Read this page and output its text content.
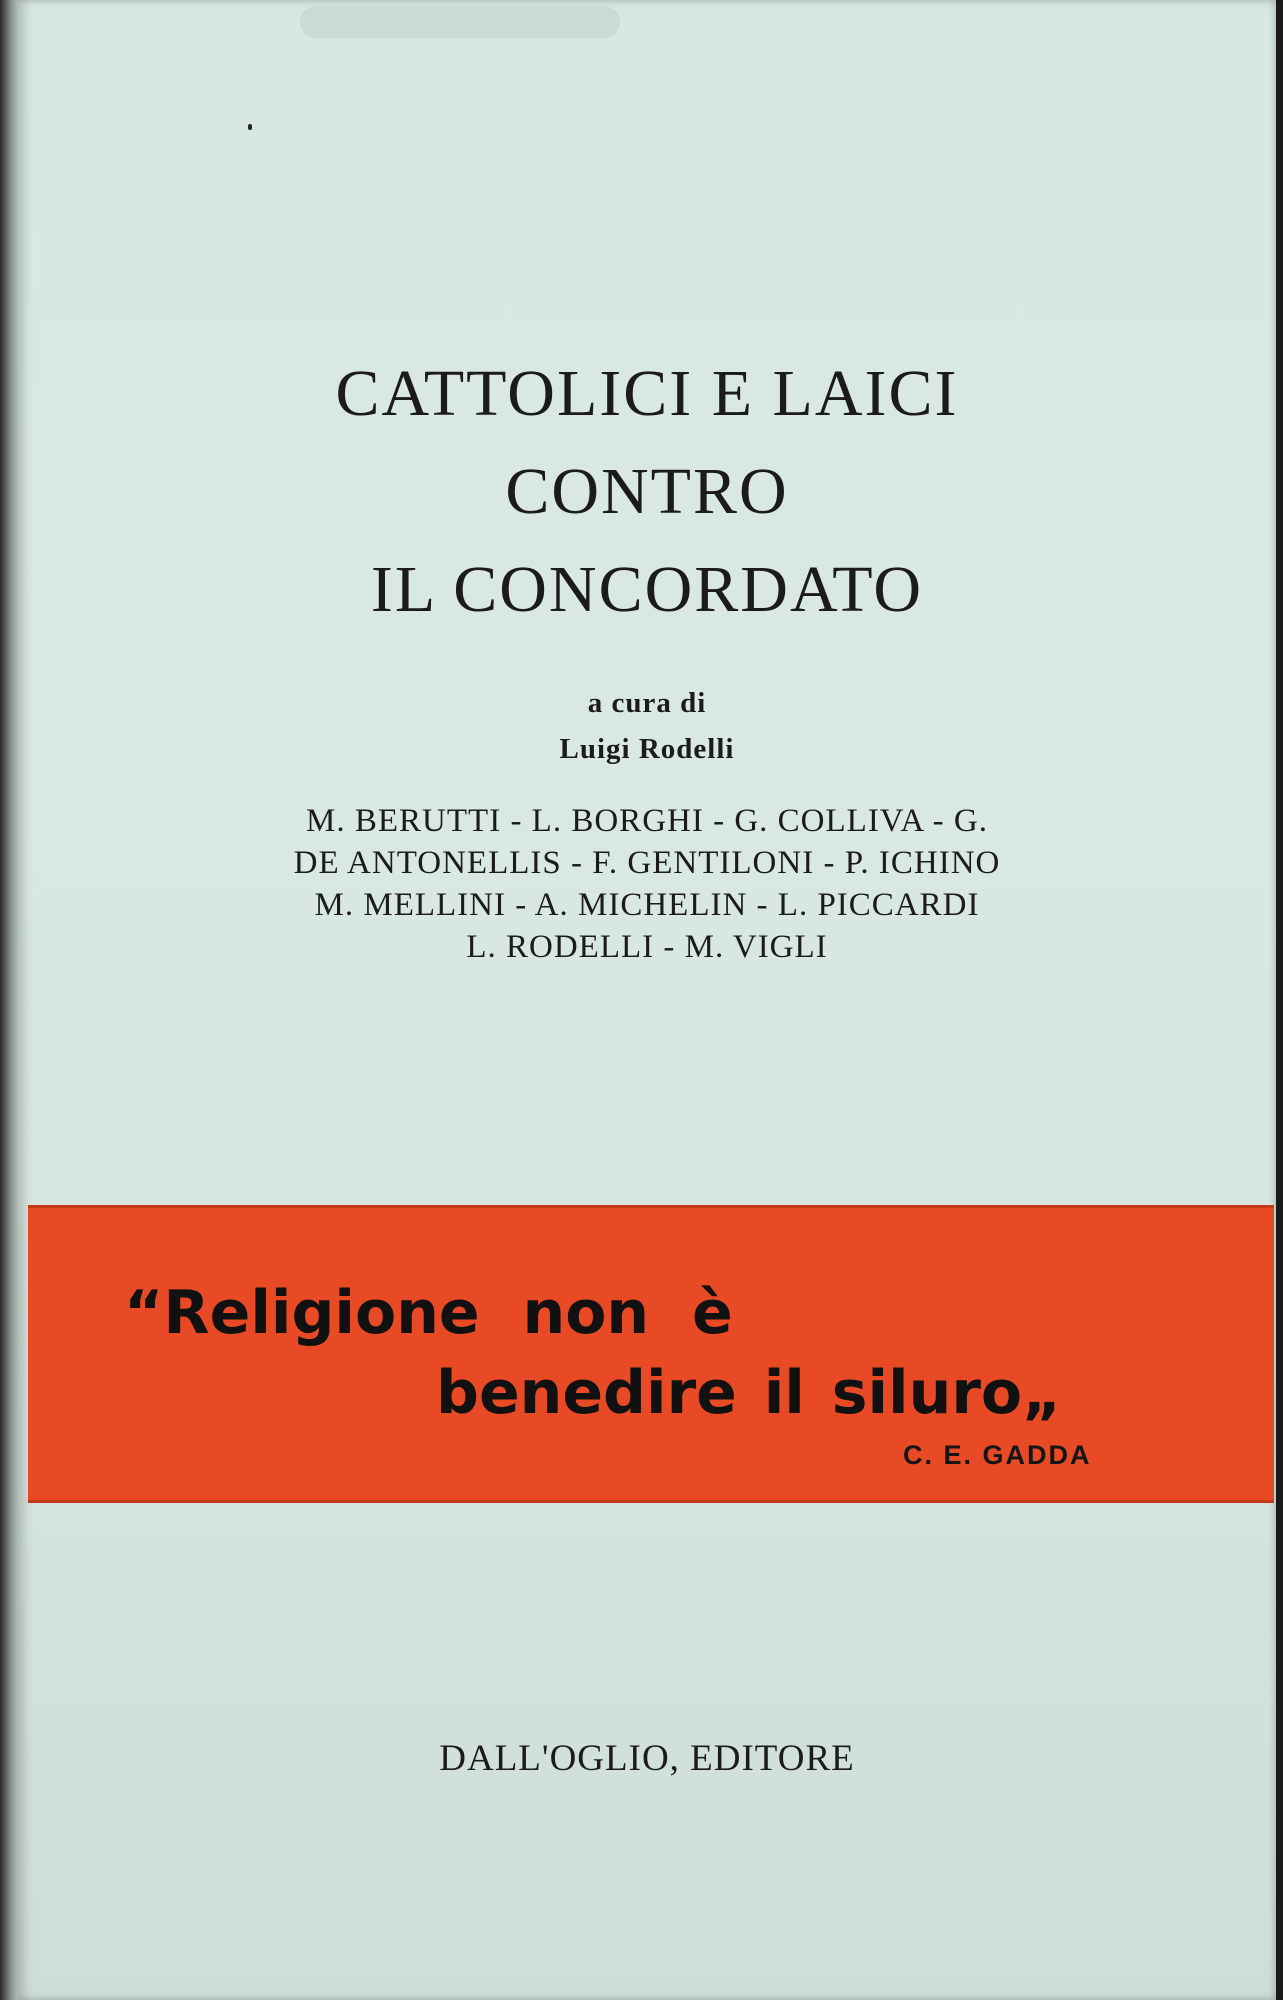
CATTOLICI E LAICI
CONTRO
IL CONCORDATO
a cura di
Luigi Rodelli
M. BERUTTI - L. BORGHI - G. COLLIVA - G.
DE ANTONELLIS - F. GENTILONI - P. ICHINO
M. MELLINI - A. MICHELIN - L. PICCARDI
L. RODELLI - M. VIGLI
“Religione non è
benedire il siluro„
C. E. GADDA
DALL'OGLIO, EDITORE
